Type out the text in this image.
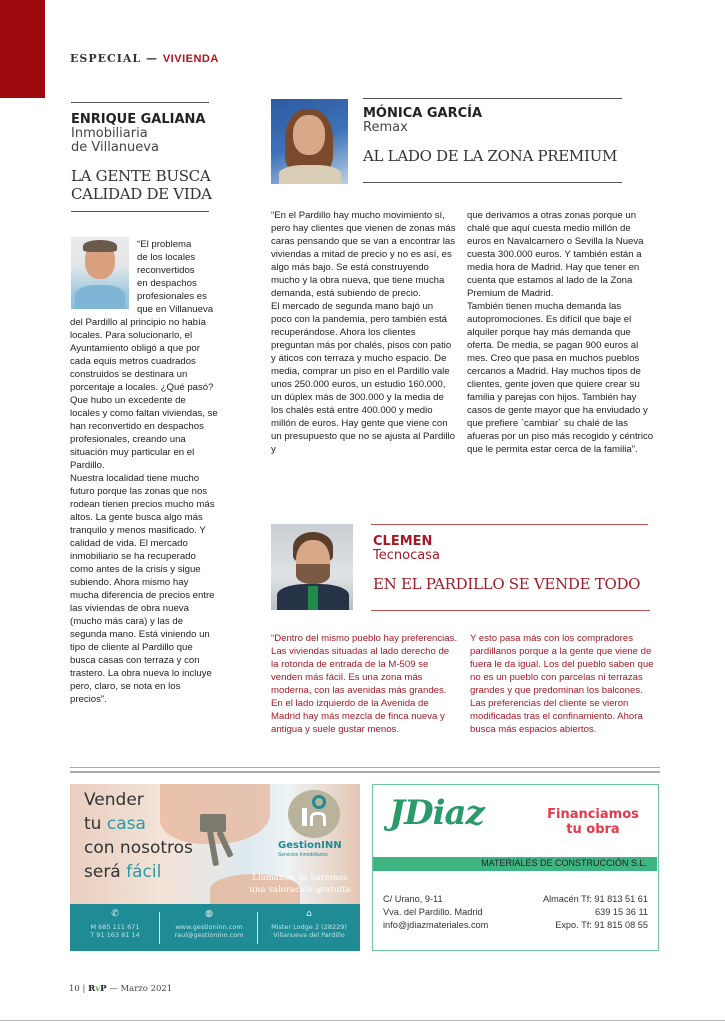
ESPECIAL — VIVIENDA
ENRIQUE GALIANA
Inmobiliaria
de Villanueva
LA GENTE BUSCA
CALIDAD DE VIDA
“El problema
de los locales
reconvertidos
en despachos
profesionales es
que en Villanueva

del Pardillo al principio no había locales. Para solucionarlo, el Ayuntamiento obligó a que por cada equis metros cuadrados construidos se destinara un porcentaje a locales. ¿Qué pasó? Que hubo un excedente de locales y como faltan viviendas, se han reconvertido en despachos profesionales, creando una situación muy particular en el Pardillo.

Nuestra localidad tiene mucho futuro porque las zonas que nos rodean tienen precios mucho más altos. La gente busca algo más tranquilo y menos masificado. Y calidad de vida. El mercado inmobiliario se ha recuperado como antes de la crisis y sigue subiendo. Ahora mismo hay mucha diferencia de precios entre las viviendas de obra nueva (mucho más cara) y las de segunda mano. Está viniendo un tipo de cliente al Pardillo que busca casas con terraza y con trastero. La obra nueva lo incluye pero, claro, se nota en los precios”.

MÓNICA GARCÍA
Remax
AL LADO DE LA ZONA PREMIUM

“En el Pardillo hay mucho movimiento sí, pero hay clientes que vienen de zonas más caras pensando que se van a encontrar las viviendas a mitad de precio y no es así, es algo más bajo. Se está construyendo mucho y la obra nueva, que tiene mucha demanda, está subiendo de precio.

El mercado de segunda mano bajó un poco con la pandemia, pero también está recuperándose. Ahora los clientes preguntan más por chalés, pisos con patio y áticos con terraza y mucho espacio. De media, comprar un piso en el Pardillo vale unos 250.000 euros, un estudio 160.000, un dúplex más de 300.000 y la media de los chalés está entre 400.000 y medio millón de euros. Hay gente que viene con un presupuesto que no se ajusta al Pardillo y

que derivamos a otras zonas porque un chalé que aquí cuesta medio millón de euros en Navalcarnero o Sevilla la Nueva cuesta 300.000 euros. Y también están a media hora de Madrid. Hay que tener en cuenta que estamos al lado de la Zona Premium de Madrid.

También tienen mucha demanda las autopromociones. Es difícil que baje el alquiler porque hay más demanda que oferta. De media, se pagan 900 euros al mes. Creo que pasa en muchos pueblos cercanos a Madrid. Hay muchos tipos de clientes, gente joven que quiere crear su familia y parejas con hijos. También hay casos de gente mayor que ha enviudado y que prefiere `cambiar´ su chalé de las afueras por un piso más recogido y céntrico que le permita estar cerca de la familia”.

CLEMEN
Tecnocasa
EN EL PARDILLO SE VENDE TODO

“Dentro del mismo pueblo hay preferencias. Las viviendas situadas al lado derecho de la rotonda de entrada de la M-509 se venden más fácil. Es una zona más moderna, con las avenidas más grandes. En el lado izquierdo de la Avenida de Madrid hay más mezcla de finca nueva y antigua y suele gustar menos.

Y esto pasa más con los compradores pardillanos porque a la gente que viene de fuera le da igual. Los del pueblo saben que no es un pueblo con parcelas ni terrazas grandes y que predominan los balcones. Las preferencias del cliente se vieron modificadas tras el confinamiento. Ahora busca más espacios abiertos.

Vender
tu casa
con nosotros
será fácil
GestionINN
Servicios Inmobiliarios
Llámanos, te haremos
una valoración gratuita
✆
M 685 111 671
T 91 163 81 14
◍
www.gestioninn.com
raul@gestioninn.com
⌂
Mister Lodge 2 (28229)
Villanueva del Pardillo
JDiaz	Financiamos
tu obra
MATERIALES DE CONSTRUCCIÓN S.L.
C/ Urano, 9-11
Vva. del Pardillo. Madrid
info@jdiazmateriales.com
Almacén Tf: 91 813 51 61
639 15 36 11
Expo. Tf: 91 815 08 55
10 | RvP — Marzo 2021
